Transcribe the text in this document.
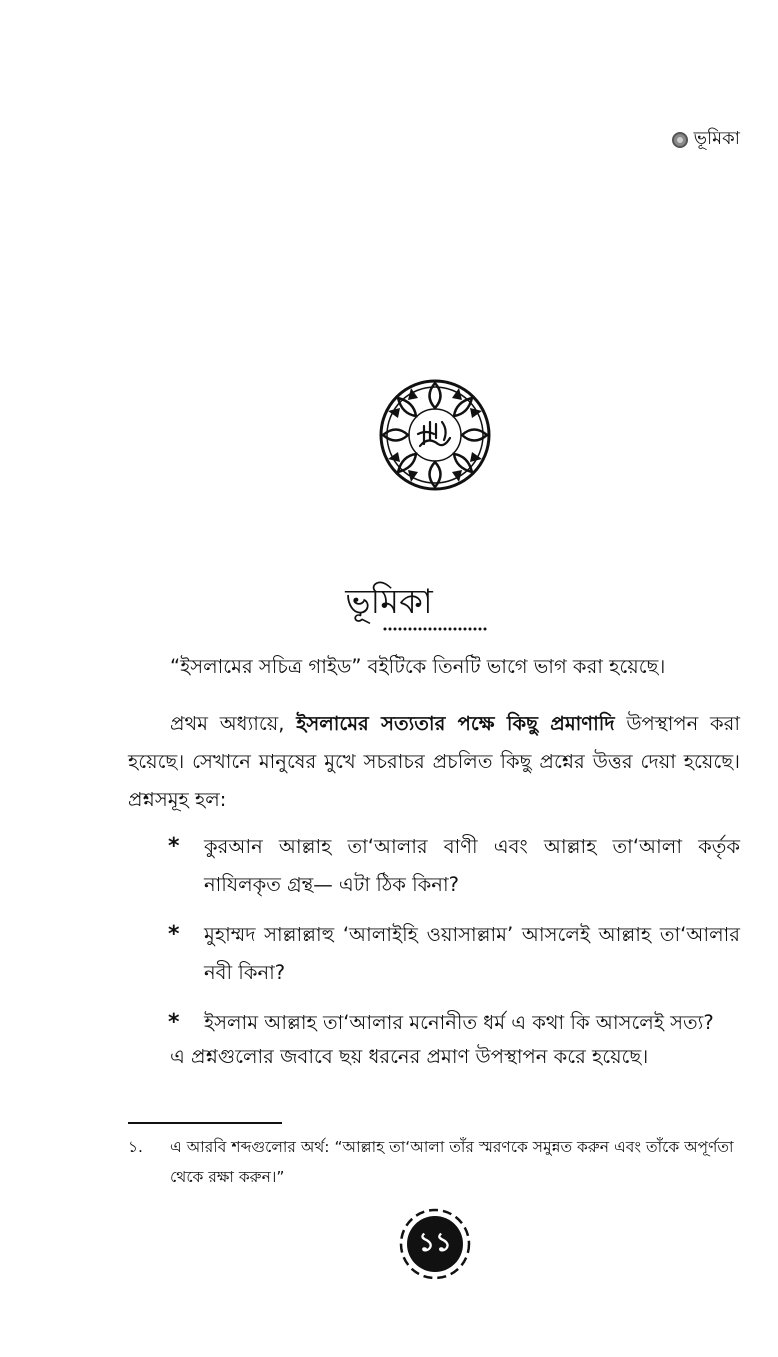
ভূমিকা
ভূমিকা
“ইসলামের সচিত্র গাইড” বইটিকে তিনটি ভাগে ভাগ করা হয়েছে।
প্রথম অধ্যায়ে, ইসলামের সত্যতার পক্ষে কিছু প্রমাণাদি উপস্থাপন করা হয়েছে। সেখানে মানুষের মুখে সচরাচর প্রচলিত কিছু প্রশ্নের উত্তর দেয়া হয়েছে। প্রশ্নসমূহ হল:
* কুরআন আল্লাহ তা‘আলার বাণী এবং আল্লাহ তা‘আলা কর্তৃক নাযিলকৃত গ্রন্থ— এটা ঠিক কিনা?
* মুহাম্মদ সাল্লাল্লাহু ‘আলাইহি ওয়াসাল্লাম’ আসলেই আল্লাহ তা‘আলার নবী কিনা?
* ইসলাম আল্লাহ তা‘আলার মনোনীত ধর্ম এ কথা কি আসলেই সত্য?
এ প্রশ্নগুলোর জবাবে ছয় ধরনের প্রমাণ উপস্থাপন করে হয়েছে।
১. এ আরবি শব্দগুলোর অর্থ: “আল্লাহ তা‘আলা তাঁর স্মরণকে সমুন্নত করুন এবং তাঁকে অপূর্ণতা
থেকে রক্ষা করুন।”
১১
